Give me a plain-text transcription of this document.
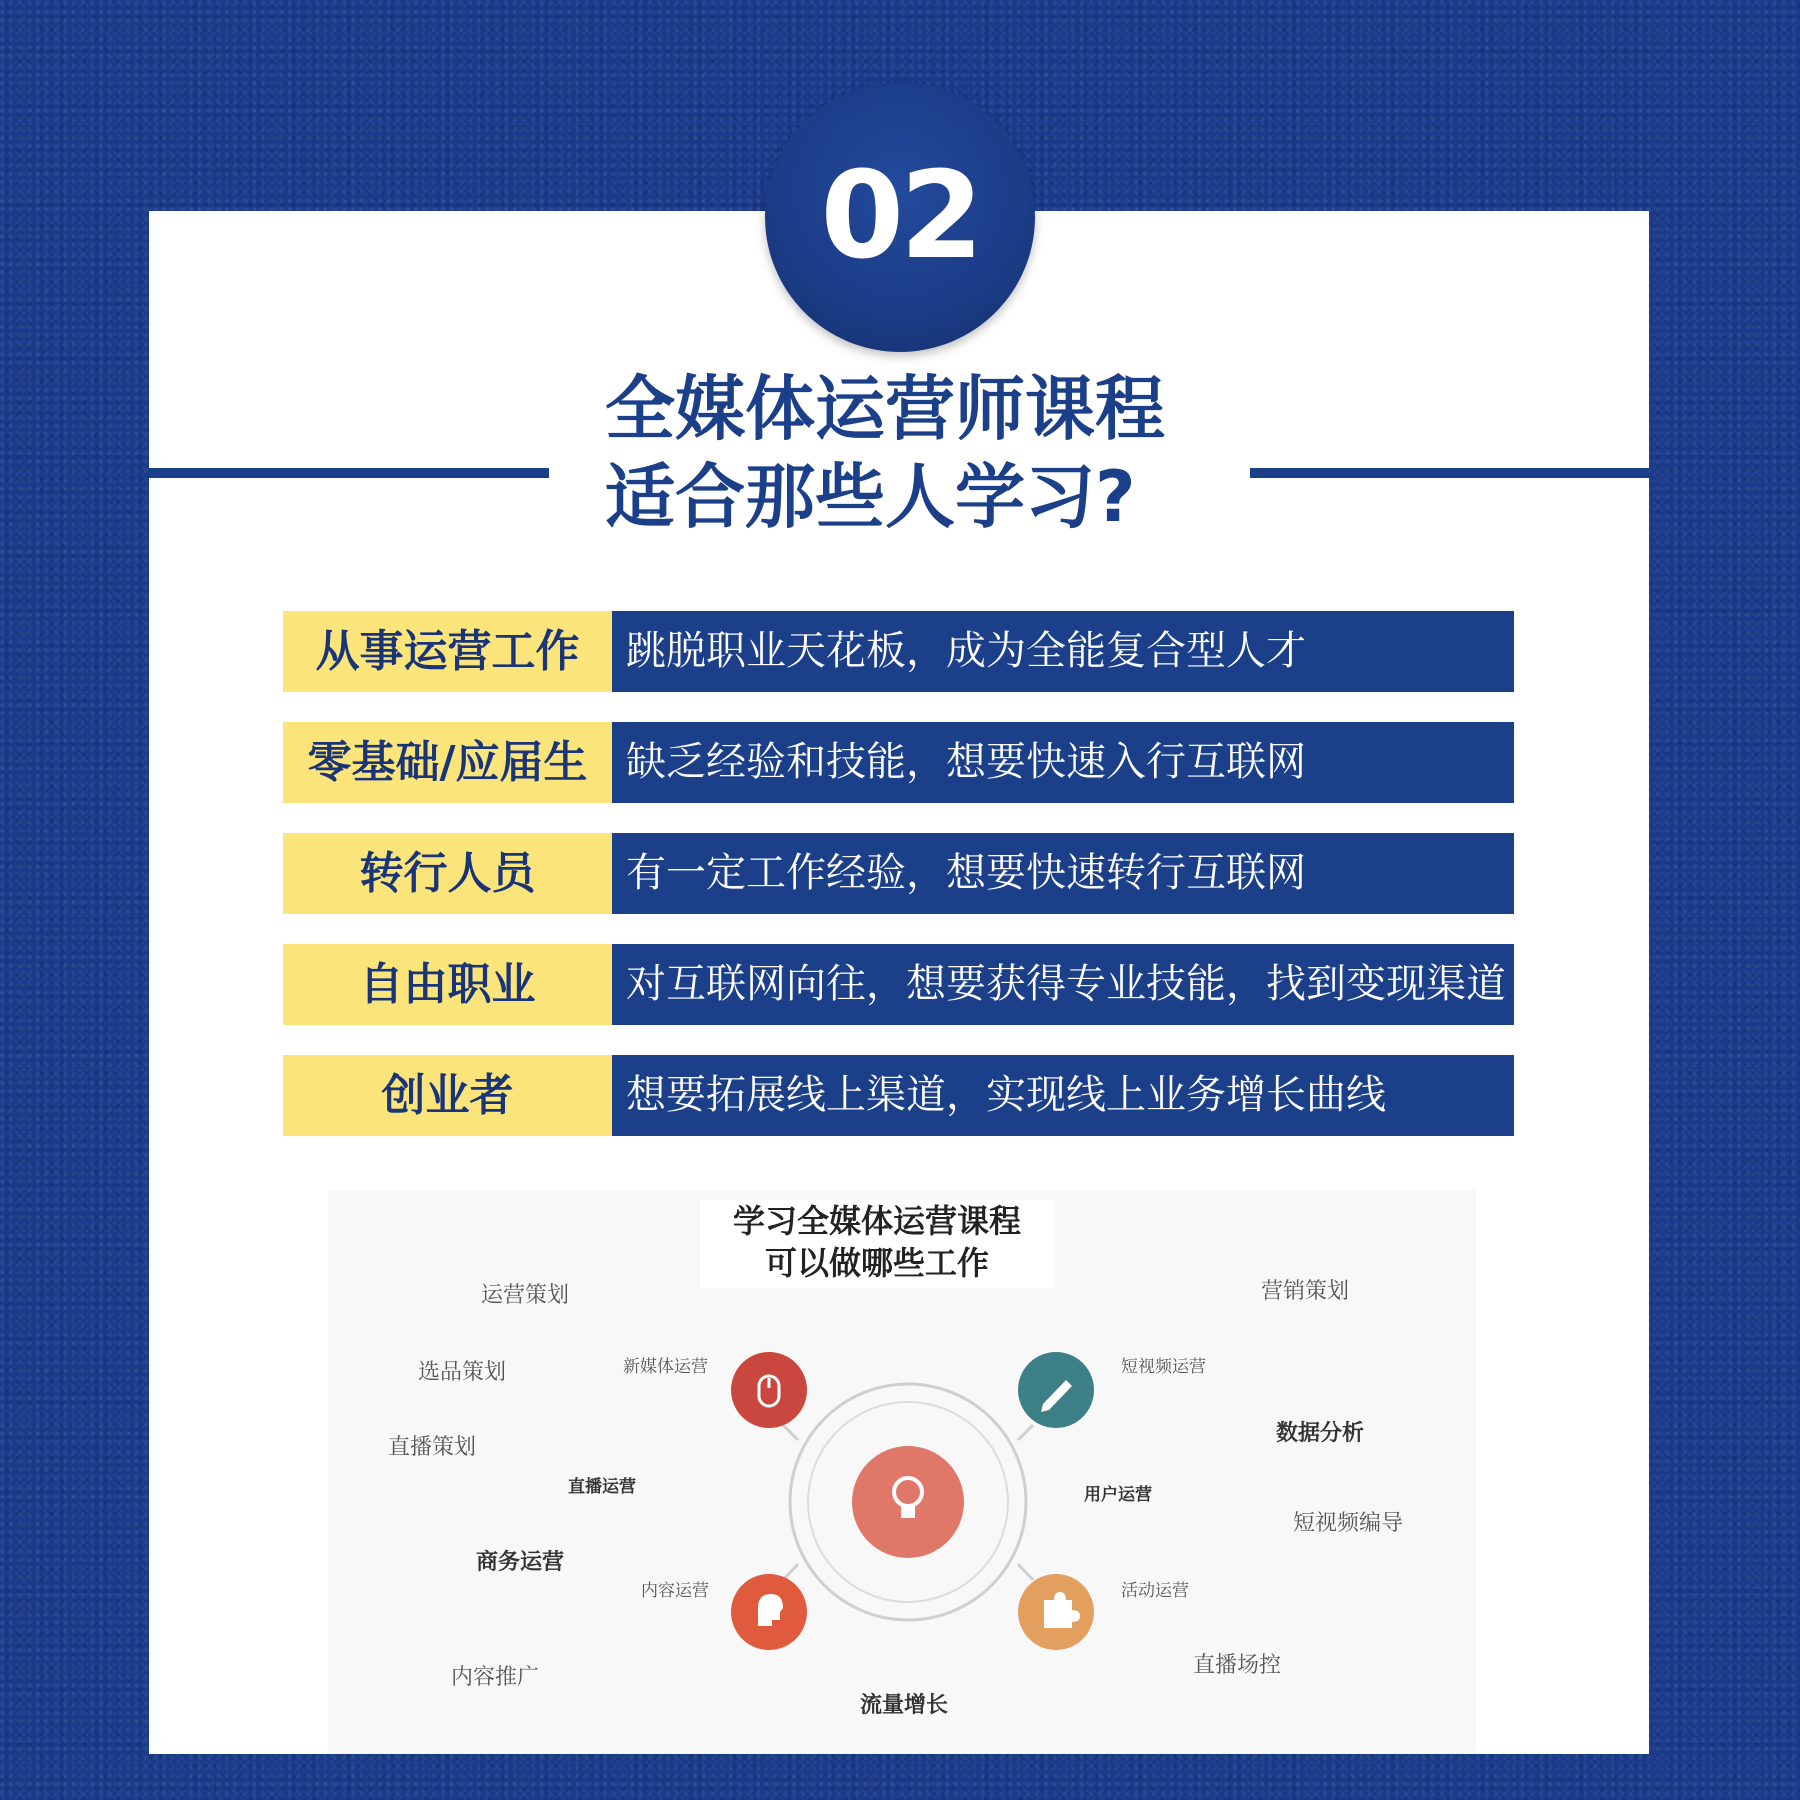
02
全媒体运营师课程
适合那些人学习?
从事运营工作	跳脱职业天花板，成为全能复合型人才
零基础/应届生 缺乏经验和技能，想要快速入行互联网
转行人员	有一定工作经验，想要快速转行互联网
自由职业	对互联网向往，想要获得专业技能，找到变现渠道
创业者	想要拓展线上渠道，实现线上业务增长曲线
学习全媒体运营课程
可以做哪些工作
运营策划
选品策划
直播策划
直播运营
商务运营
内容推广
新媒体运营
内容运营
流量增长
营销策划
短视频运营
数据分析
用户运营
短视频编导
活动运营
直播场控
